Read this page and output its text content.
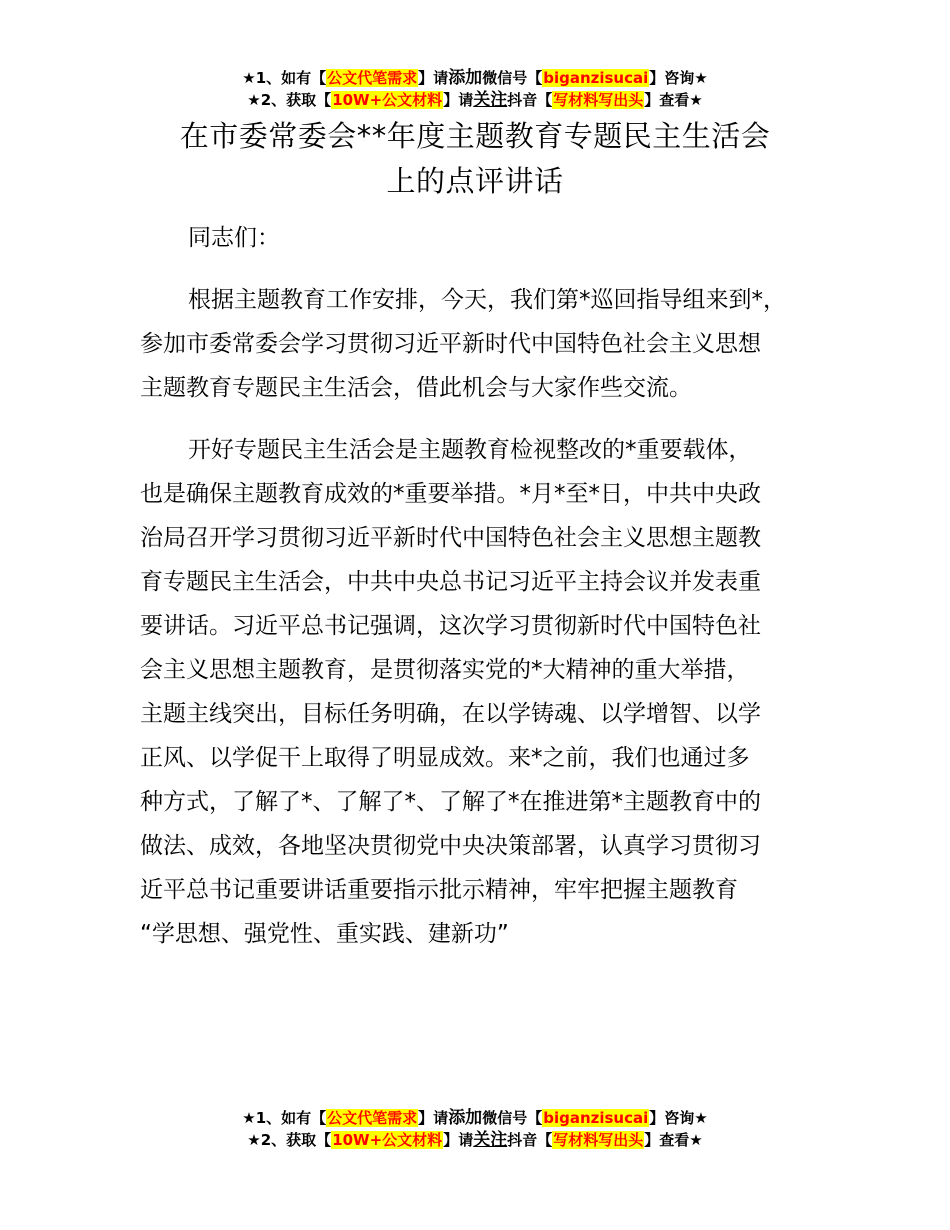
★1、如有【公文代笔需求】请添加微信号【biganzisucai】咨询★
★2、获取【10W+公文材料】请关注抖音【写材料写出头】查看★
在市委常委会**年度主题教育专题民主生活会
上的点评讲话
同志们：
根据主题教育工作安排，今天，我们第*巡回指导组来到*，
参加市委常委会学习贯彻习近平新时代中国特色社会主义思想
主题教育专题民主生活会，借此机会与大家作些交流。
开好专题民主生活会是主题教育检视整改的*重要载体，
也是确保主题教育成效的*重要举措。*月*至*日，中共中央政
治局召开学习贯彻习近平新时代中国特色社会主义思想主题教
育专题民主生活会，中共中央总书记习近平主持会议并发表重
要讲话。习近平总书记强调，这次学习贯彻新时代中国特色社
会主义思想主题教育，是贯彻落实党的*大精神的重大举措，
主题主线突出，目标任务明确，在以学铸魂、以学增智、以学
正风、以学促干上取得了明显成效。来*之前，我们也通过多
种方式，了解了*、了解了*、了解了*在推进第*主题教育中的
做法、成效，各地坚决贯彻党中央决策部署，认真学习贯彻习
近平总书记重要讲话重要指示批示精神，牢牢把握主题教育
“学思想、强党性、重实践、建新功”
★1、如有【公文代笔需求】请添加微信号【biganzisucai】咨询★
★2、获取【10W+公文材料】请关注抖音【写材料写出头】查看★
